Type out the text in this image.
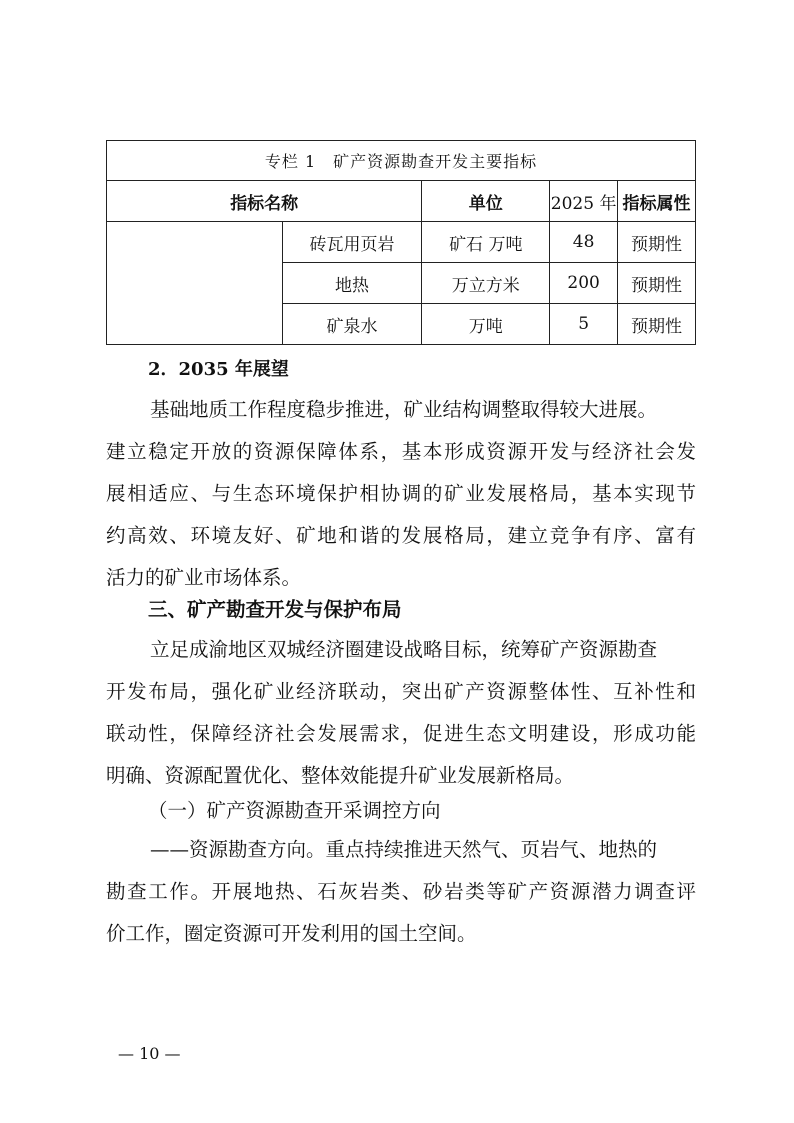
专栏 1　矿产资源勘查开发主要指标				
指标名称		单位	2025 年	指标属性
	砖瓦用页岩	矿石 万吨	48	预期性
	地热	万立方米	200	预期性
	矿泉水	万吨	5	预期性
2．2035 年展望
基础地质工作程度稳步推进，矿业结构调整取得较大进展。
建立稳定开放的资源保障体系，基本形成资源开发与经济社会发
展相适应、与生态环境保护相协调的矿业发展格局，基本实现节
约高效、环境友好、矿地和谐的发展格局，建立竞争有序、富有
活力的矿业市场体系。
三、矿产勘查开发与保护布局
立足成渝地区双城经济圈建设战略目标，统筹矿产资源勘查
开发布局，强化矿业经济联动，突出矿产资源整体性、互补性和
联动性，保障经济社会发展需求，促进生态文明建设，形成功能
明确、资源配置优化、整体效能提升矿业发展新格局。
（一）矿产资源勘查开采调控方向
——资源勘查方向。重点持续推进天然气、页岩气、地热的
勘查工作。开展地热、石灰岩类、砂岩类等矿产资源潜力调查评
价工作，圈定资源可开发利用的国土空间。
— 10 —
